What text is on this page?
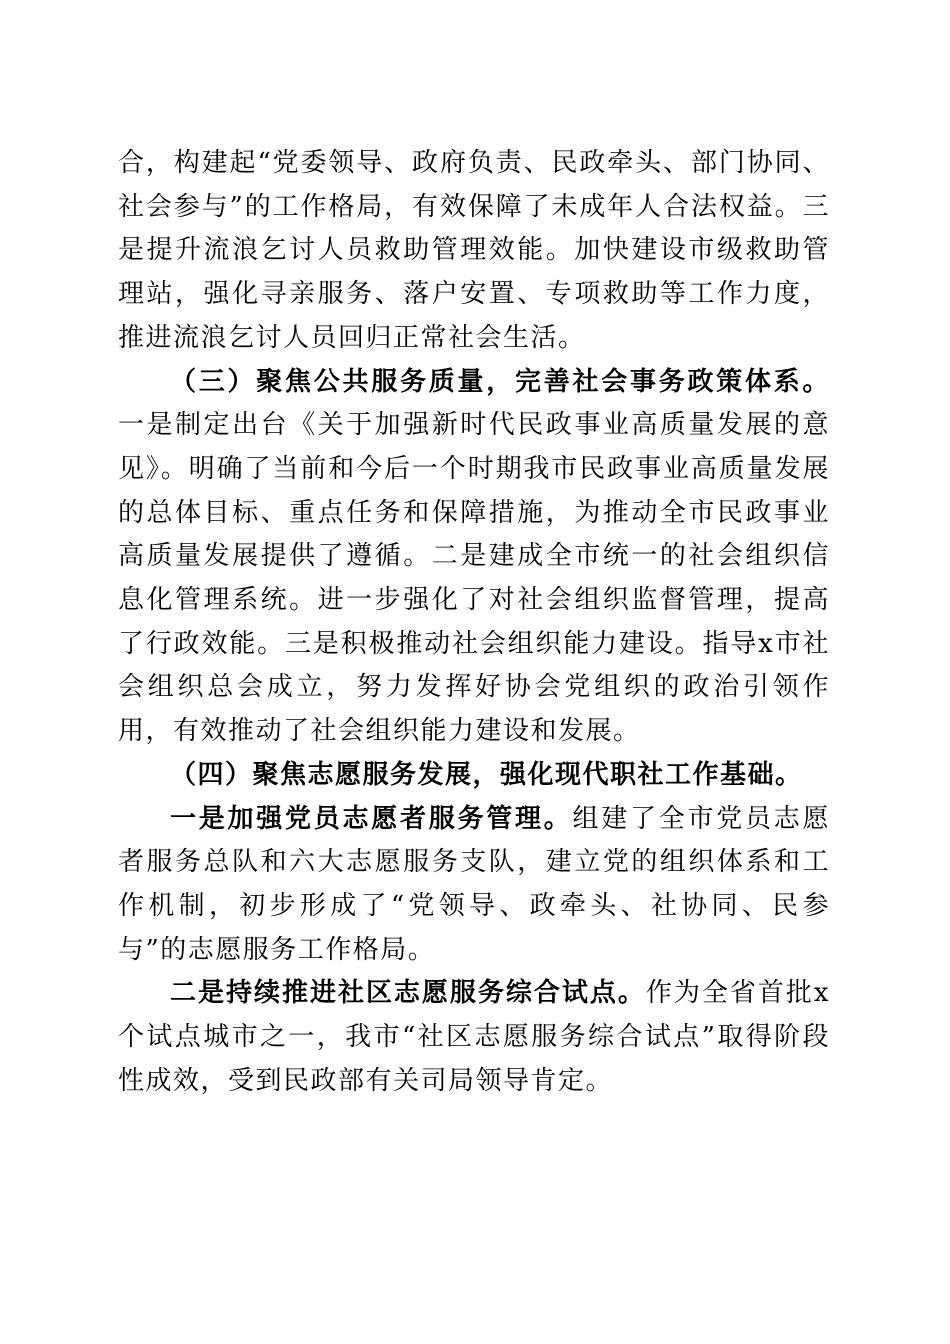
合，构建起“党委领导、政府负责、民政牵头、部门协同、社会参与”的工作格局，有效保障了未成年人合法权益。三是提升流浪乞讨人员救助管理效能。加快建设市级救助管理站，强化寻亲服务、落户安置、专项救助等工作力度，推进流浪乞讨人员回归正常社会生活。

（三）聚焦公共服务质量，完善社会事务政策体系。一是制定出台《关于加强新时代民政事业高质量发展的意见》。明确了当前和今后一个时期我市民政事业高质量发展的总体目标、重点任务和保障措施，为推动全市民政事业高质量发展提供了遵循。二是建成全市统一的社会组织信息化管理系统。进一步强化了对社会组织监督管理，提高了行政效能。三是积极推动社会组织能力建设。指导x市社会组织总会成立，努力发挥好协会党组织的政治引领作用，有效推动了社会组织能力建设和发展。

（四）聚焦志愿服务发展，强化现代职社工作基础。

一是加强党员志愿者服务管理。组建了全市党员志愿者服务总队和六大志愿服务支队，建立党的组织体系和工作机制，初步形成了“党领导、政牵头、社协同、民参与”的志愿服务工作格局。

二是持续推进社区志愿服务综合试点。作为全省首批x个试点城市之一，我市“社区志愿服务综合试点”取得阶段性成效，受到民政部有关司局领导肯定。
